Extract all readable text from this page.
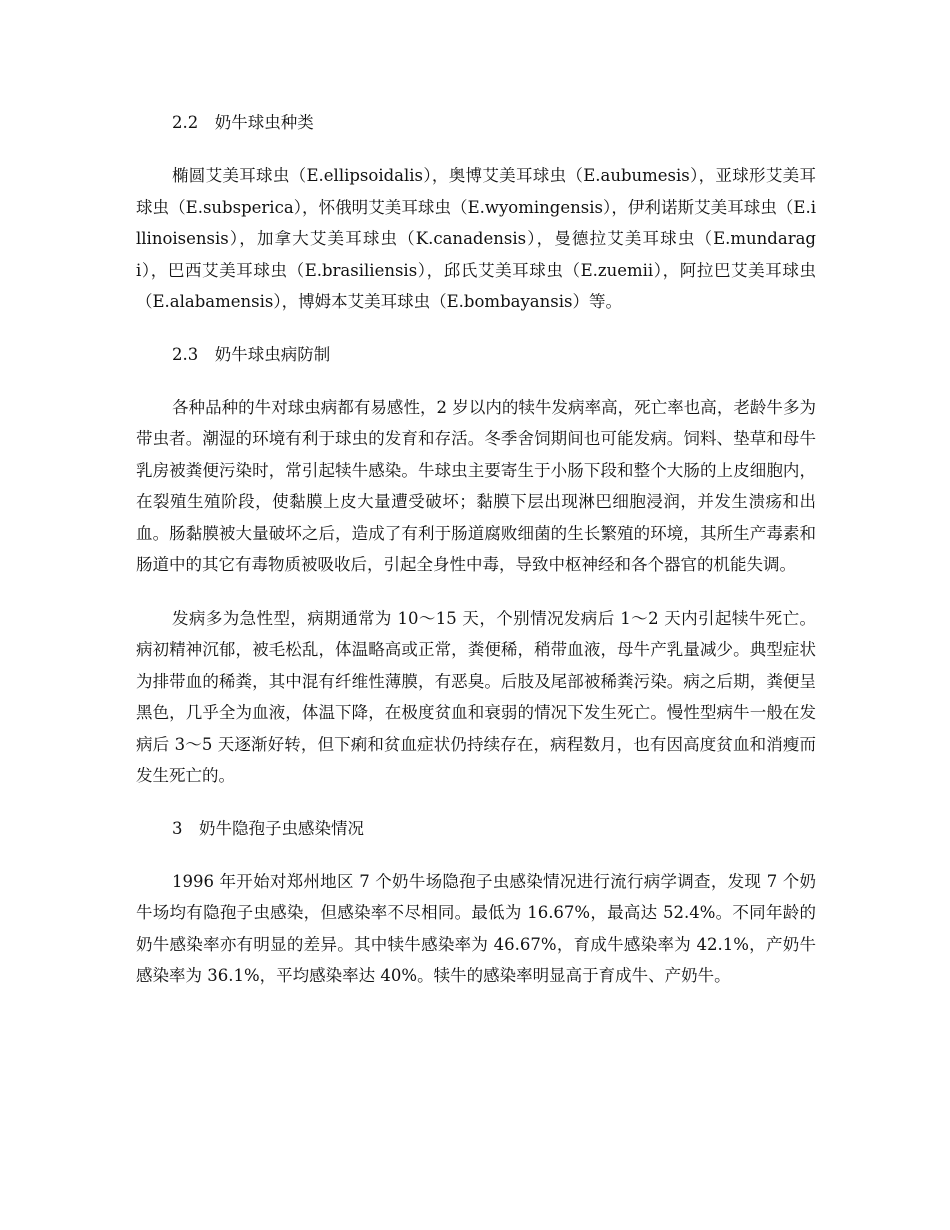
2.2　奶牛球虫种类

椭圆艾美耳球虫（E.ellipsoidalis），奥博艾美耳球虫（E.aubumesis），亚球形艾美耳球虫（E.subsperica），怀俄明艾美耳球虫（E.wyomingensis），伊利诺斯艾美耳球虫（E.illinoisensis），加拿大艾美耳球虫（K.canadensis），曼德拉艾美耳球虫（E.mundaragi），巴西艾美耳球虫（E.brasiliensis），邱氏艾美耳球虫（E.zuemii），阿拉巴艾美耳球虫（E.alabamensis），博姆本艾美耳球虫（E.bombayansis）等。

2.3　奶牛球虫病防制

各种品种的牛对球虫病都有易感性，2 岁以内的犊牛发病率高，死亡率也高，老龄牛多为带虫者。潮湿的环境有利于球虫的发育和存活。冬季舍饲期间也可能发病。饲料、垫草和母牛乳房被粪便污染时，常引起犊牛感染。牛球虫主要寄生于小肠下段和整个大肠的上皮细胞内，在裂殖生殖阶段，使黏膜上皮大量遭受破坏；黏膜下层出现淋巴细胞浸润，并发生溃疡和出血。肠黏膜被大量破坏之后，造成了有利于肠道腐败细菌的生长繁殖的环境，其所生产毒素和肠道中的其它有毒物质被吸收后，引起全身性中毒，导致中枢神经和各个器官的机能失调。

发病多为急性型，病期通常为 10～15 天，个别情况发病后 1～2 天内引起犊牛死亡。病初精神沉郁，被毛松乱，体温略高或正常，粪便稀，稍带血液，母牛产乳量减少。典型症状为排带血的稀粪，其中混有纤维性薄膜，有恶臭。后肢及尾部被稀粪污染。病之后期，粪便呈黑色，几乎全为血液，体温下降，在极度贫血和衰弱的情况下发生死亡。慢性型病牛一般在发病后 3～5 天逐渐好转，但下痢和贫血症状仍持续存在，病程数月，也有因高度贫血和消瘦而发生死亡的。

3　奶牛隐孢子虫感染情况

1996 年开始对郑州地区 7 个奶牛场隐孢子虫感染情况进行流行病学调查，发现 7 个奶牛场均有隐孢子虫感染，但感染率不尽相同。最低为 16.67%，最高达 52.4%。不同年龄的奶牛感染率亦有明显的差异。其中犊牛感染率为 46.67%，育成牛感染率为 42.1%，产奶牛感染率为 36.1%，平均感染率达 40%。犊牛的感染率明显高于育成牛、产奶牛。
